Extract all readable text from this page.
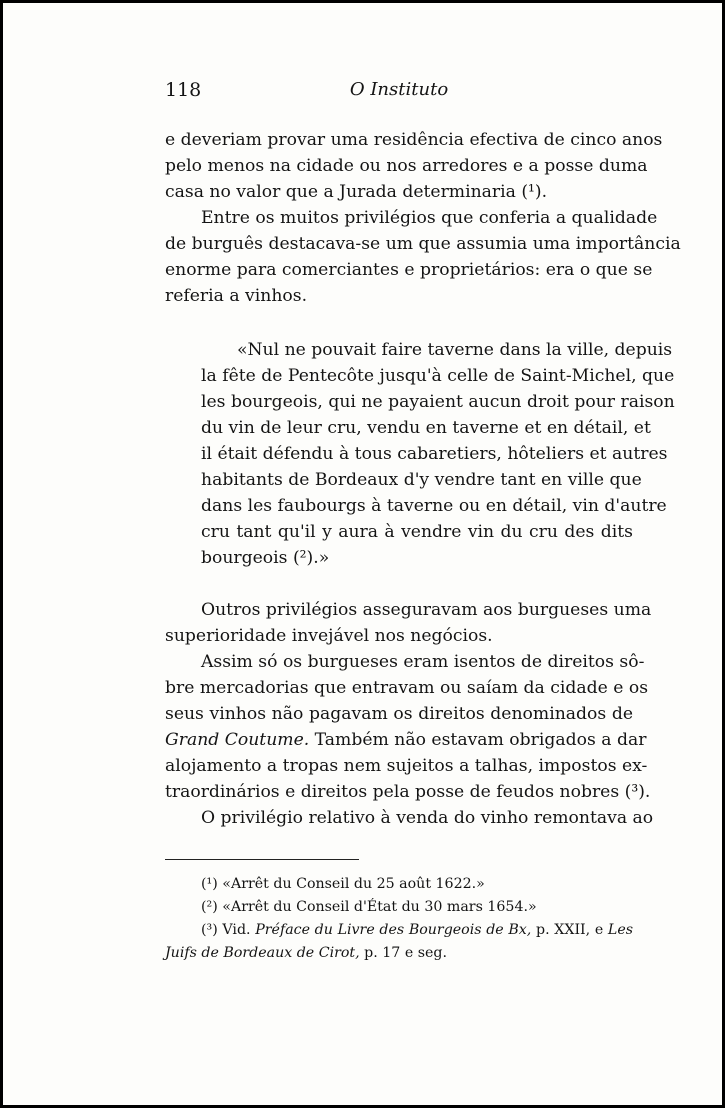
118	O Instituto
e deveriam provar uma residência efectiva de cinco anos
pelo menos na cidade ou nos arredores e a posse duma
casa no valor que a Jurada determinaria (¹).
Entre os muitos privilégios que conferia a qualidade
de burguês destacava-se um que assumia uma importância
enorme para comerciantes e proprietários: era o que se
referia a vinhos.
«Nul ne pouvait faire taverne dans la ville, depuis
la fête de Pentecôte jusqu'à celle de Saint-Michel, que
les bourgeois, qui ne payaient aucun droit pour raison
du vin de leur cru, vendu en taverne et en détail, et
il était défendu à tous cabaretiers, hôteliers et autres
habitants de Bordeaux d'y vendre tant en ville que
dans les faubourgs à taverne ou en détail, vin d'autre
cru tant qu'il y aura à vendre vin du cru des dits
bourgeois (²).»
Outros privilégios asseguravam aos burgueses uma
superioridade invejável nos negócios.
Assim só os burgueses eram isentos de direitos sô-
bre mercadorias que entravam ou saíam da cidade e os
seus vinhos não pagavam os direitos denominados de
Grand Coutume. Também não estavam obrigados a dar
alojamento a tropas nem sujeitos a talhas, impostos ex-
traordinários e direitos pela posse de feudos nobres (³).
O privilégio relativo à venda do vinho remontava ao
(¹) «Arrêt du Conseil du 25 août 1622.»
(²) «Arrêt du Conseil d'État du 30 mars 1654.»
(³) Vid. Préface du Livre des Bourgeois de Bx, p. XXII, e Les
Juifs de Bordeaux de Cirot, p. 17 e seg.
